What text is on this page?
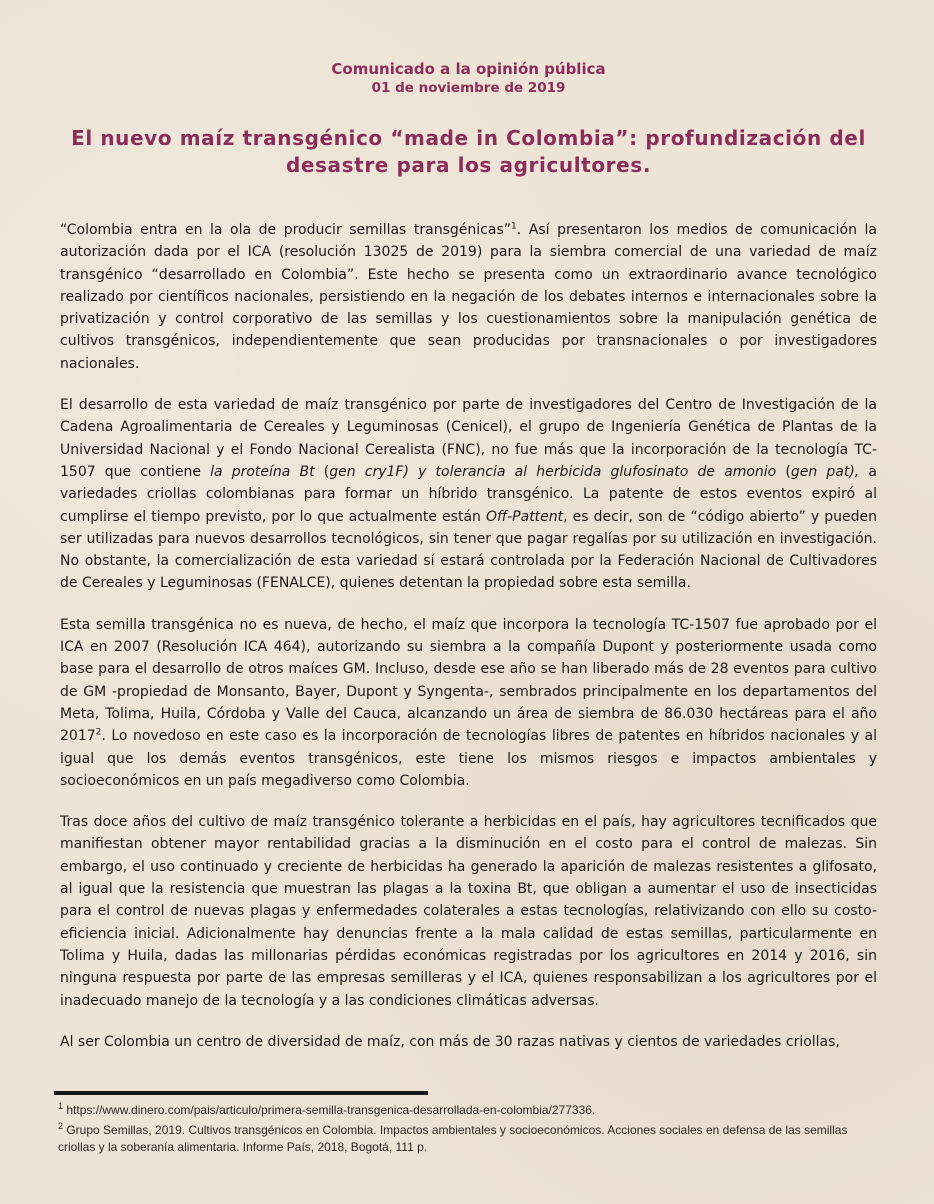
Comunicado a la opinión pública
01 de noviembre de 2019
El nuevo maíz transgénico “made in Colombia”: profundización del desastre para los agricultores.

“Colombia entra en la ola de producir semillas transgénicas”$^1$. Así presentaron los medios de comunicación la autorización dada por el ICA (resolución 13025 de 2019) para la siembra comercial de una variedad de maíz transgénico “desarrollado en Colombia”. Este hecho se presenta como un extraordinario avance tecnológico realizado por científicos nacionales, persistiendo en la negación de los debates internos e internacionales sobre la privatización y control corporativo de las semillas y los cuestionamientos sobre la manipulación genética de cultivos transgénicos, independientemente que sean producidas por transnacionales o por investigadores nacionales.

El desarrollo de esta variedad de maíz transgénico por parte de investigadores del Centro de Investigación de la Cadena Agroalimentaria de Cereales y Leguminosas (Cenicel), el grupo de Ingeniería Genética de Plantas de la Universidad Nacional y el Fondo Nacional Cerealista (FNC), no fue más que la incorporación de la tecnología TC-1507 que contiene la proteína Bt (gen cry1F) y tolerancia al herbicida glufosinato de amonio (gen pat), a variedades criollas colombianas para formar un híbrido transgénico. La patente de estos eventos expiró al cumplirse el tiempo previsto, por lo que actualmente están Off-Pattent, es decir, son de “código abierto” y pueden ser utilizadas para nuevos desarrollos tecnológicos, sin tener que pagar regalías por su utilización en investigación. No obstante, la comercialización de esta variedad sí estará controlada por la Federación Nacional de Cultivadores de Cereales y Leguminosas (FENALCE), quienes detentan la propiedad sobre esta semilla.

Esta semilla transgénica no es nueva, de hecho, el maíz que incorpora la tecnología TC-1507 fue aprobado por el ICA en 2007 (Resolución ICA 464), autorizando su siembra a la compañía Dupont y posteriormente usada como base para el desarrollo de otros maíces GM. Incluso, desde ese año se han liberado más de 28 eventos para cultivo de GM -propiedad de Monsanto, Bayer, Dupont y Syngenta-, sembrados principalmente en los departamentos del Meta, Tolima, Huila, Córdoba y Valle del Cauca, alcanzando un área de siembra de 86.030 hectáreas para el año 2017$^2$. Lo novedoso en este caso es la incorporación de tecnologías libres de patentes en híbridos nacionales y al igual que los demás eventos transgénicos, este tiene los mismos riesgos e impactos ambientales y socioeconómicos en un país megadiverso como Colombia.

Tras doce años del cultivo de maíz transgénico tolerante a herbicidas en el país, hay agricultores tecnificados que manifiestan obtener mayor rentabilidad gracias a la disminución en el costo para el control de malezas. Sin embargo, el uso continuado y creciente de herbicidas ha generado la aparición de malezas resistentes a glifosato, al igual que la resistencia que muestran las plagas a la toxina Bt, que obligan a aumentar el uso de insecticidas para el control de nuevas plagas y enfermedades colaterales a estas tecnologías, relativizando con ello su costo-eficiencia inicial. Adicionalmente hay denuncias frente a la mala calidad de estas semillas, particularmente en Tolima y Huila, dadas las millonarias pérdidas económicas registradas por los agricultores en 2014 y 2016, sin ninguna respuesta por parte de las empresas semilleras y el ICA, quienes responsabilizan a los agricultores por el inadecuado manejo de la tecnología y a las condiciones climáticas adversas.

Al ser Colombia un centro de diversidad de maíz, con más de 30 razas nativas y cientos de variedades criollas,

$^1$ https://www.dinero.com/pais/articulo/primera-semilla-transgenica-desarrollada-en-colombia/277336.

$^2$ Grupo Semillas, 2019. Cultivos transgénicos en Colombia. Impactos ambientales y socioeconómicos. Acciones sociales en defensa de las semillas criollas y la soberanía alimentaria. Informe País, 2018, Bogotá, 111 p.
